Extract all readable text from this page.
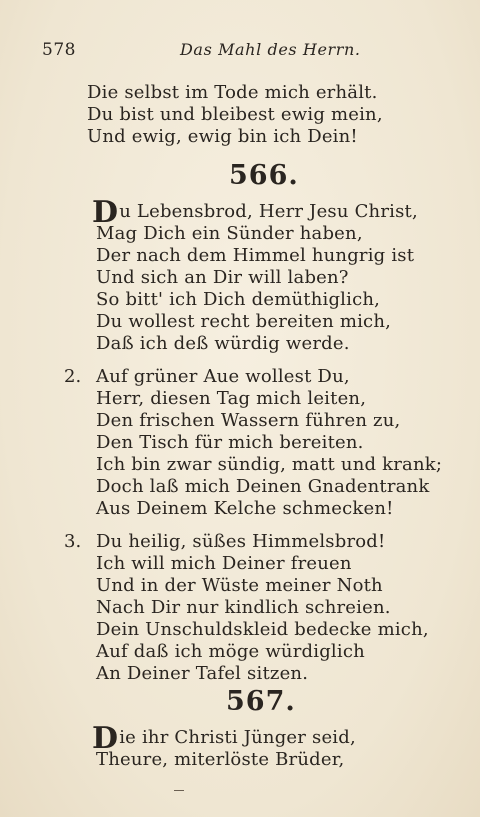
578	Das Mahl des Herrn.
Die selbst im Tode mich erhält.
Du bist und bleibest ewig mein,
Und ewig, ewig bin ich Dein!
566.
Du Lebensbrod, Herr Jesu Christ,
Mag Dich ein Sünder haben,
Der nach dem Himmel hungrig ist
Und sich an Dir will laben?
So bitt' ich Dich demüthiglich,
Du wollest recht bereiten mich,
Daß ich deß würdig werde.
2. Auf grüner Aue wollest Du,
Herr, diesen Tag mich leiten,
Den frischen Wassern führen zu,
Den Tisch für mich bereiten.
Ich bin zwar sündig, matt und krank;
Doch laß mich Deinen Gnadentrank
Aus Deinem Kelche schmecken!
3. Du heilig, süßes Himmelsbrod!
Ich will mich Deiner freuen
Und in der Wüste meiner Noth
Nach Dir nur kindlich schreien.
Dein Unschuldskleid bedecke mich,
Auf daß ich möge würdiglich
An Deiner Tafel sitzen.
567.
Die ihr Christi Jünger seid,
Theure, miterlöste Brüder,
